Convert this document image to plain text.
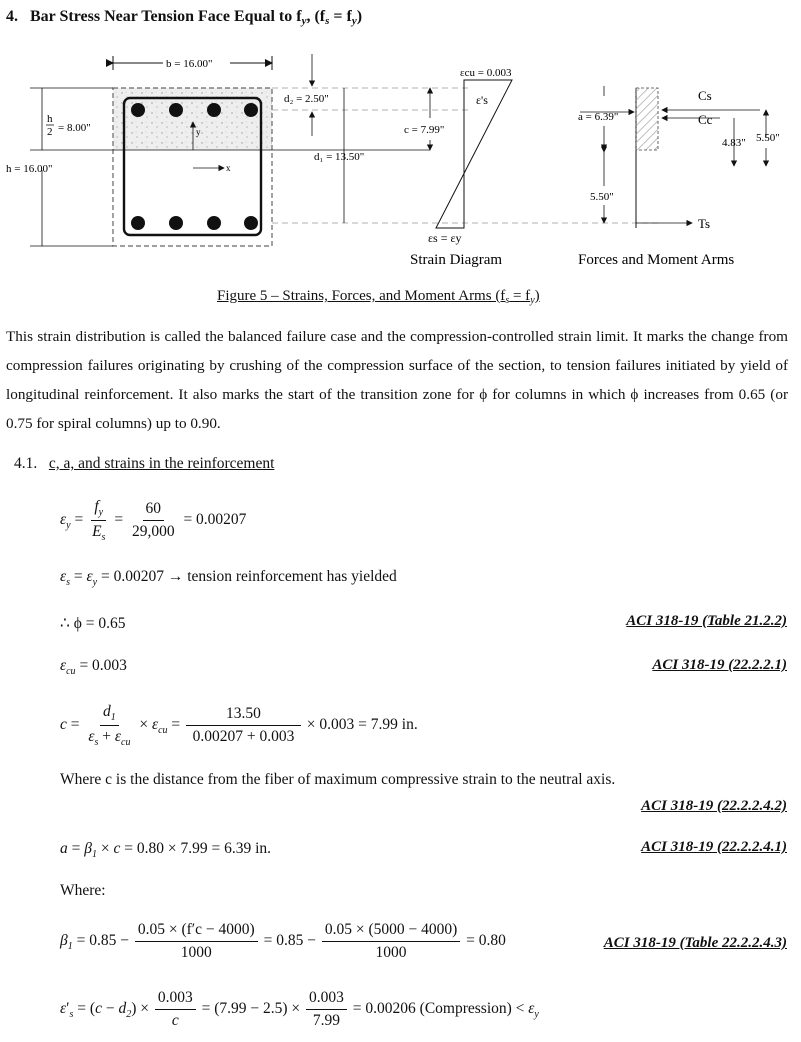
4. Bar Stress Near Tension Face Equal to fy, (fs = fy)
b = 16.00"
y
x
h
2 = 8.00"
h = 16.00"
d₂ = 2.50"
d₁ = 13.50"
εcu = 0.003
ε's
c = 7.99"
εs = εy
Strain Diagram
a = 6.39"
Cs
Cc
4.83" 5.50"
5.50"
Ts
Forces and Moment Arms
Figure 5 – Strains, Forces, and Moment Arms $(f_s = f_y)$
This strain distribution is called the balanced failure case and the compression-controlled strain limit. It marks the change from compression failures originating by crushing of the compression surface of the section, to tension failures initiated by yield of longitudinal reinforcement. It also marks the start of the transition zone for ϕ for columns in which ϕ increases from 0.65 (or 0.75 for spiral columns) up to 0.90.
4.1. c, a, and strains in the reinforcement
$\varepsilon_y = \frac{f_y}{E_s} = \frac{60}{29,000} = 0.00207$
$\varepsilon_s = \varepsilon_y = 0.00207$ → tension reinforcement has yielded
∴ ϕ = 0.65	ACI 318-19 (Table 21.2.2)
$\varepsilon_{cu} = 0.003$	ACI 318-19 (22.2.2.1)
$c = \frac{d_1}{\varepsilon_s + \varepsilon_{cu}} \times \varepsilon_{cu} = \frac{13.50}{0.00207 + 0.003} \times 0.003 = 7.99$ in.
Where c is the distance from the fiber of maximum compressive strain to the neutral axis.
ACI 318-19 (22.2.2.4.2)
$a = \beta_1 \times c = 0.80 \times 7.99 = 6.39$ in.	ACI 318-19 (22.2.2.4.1)
Where:
$\beta_1 = 0.85 - \frac{0.05 \times (f'c - 4000)}{1000} = 0.85 - \frac{0.05 \times (5000 - 4000)}{1000} = 0.80$	ACI 318-19 (Table 22.2.2.4.3)
$\varepsilon'_s = (c - d_2) \times \frac{0.003}{c} = (7.99 - 2.5) \times \frac{0.003}{7.99} = 0.00206$ (Compression) < $\varepsilon_y$
